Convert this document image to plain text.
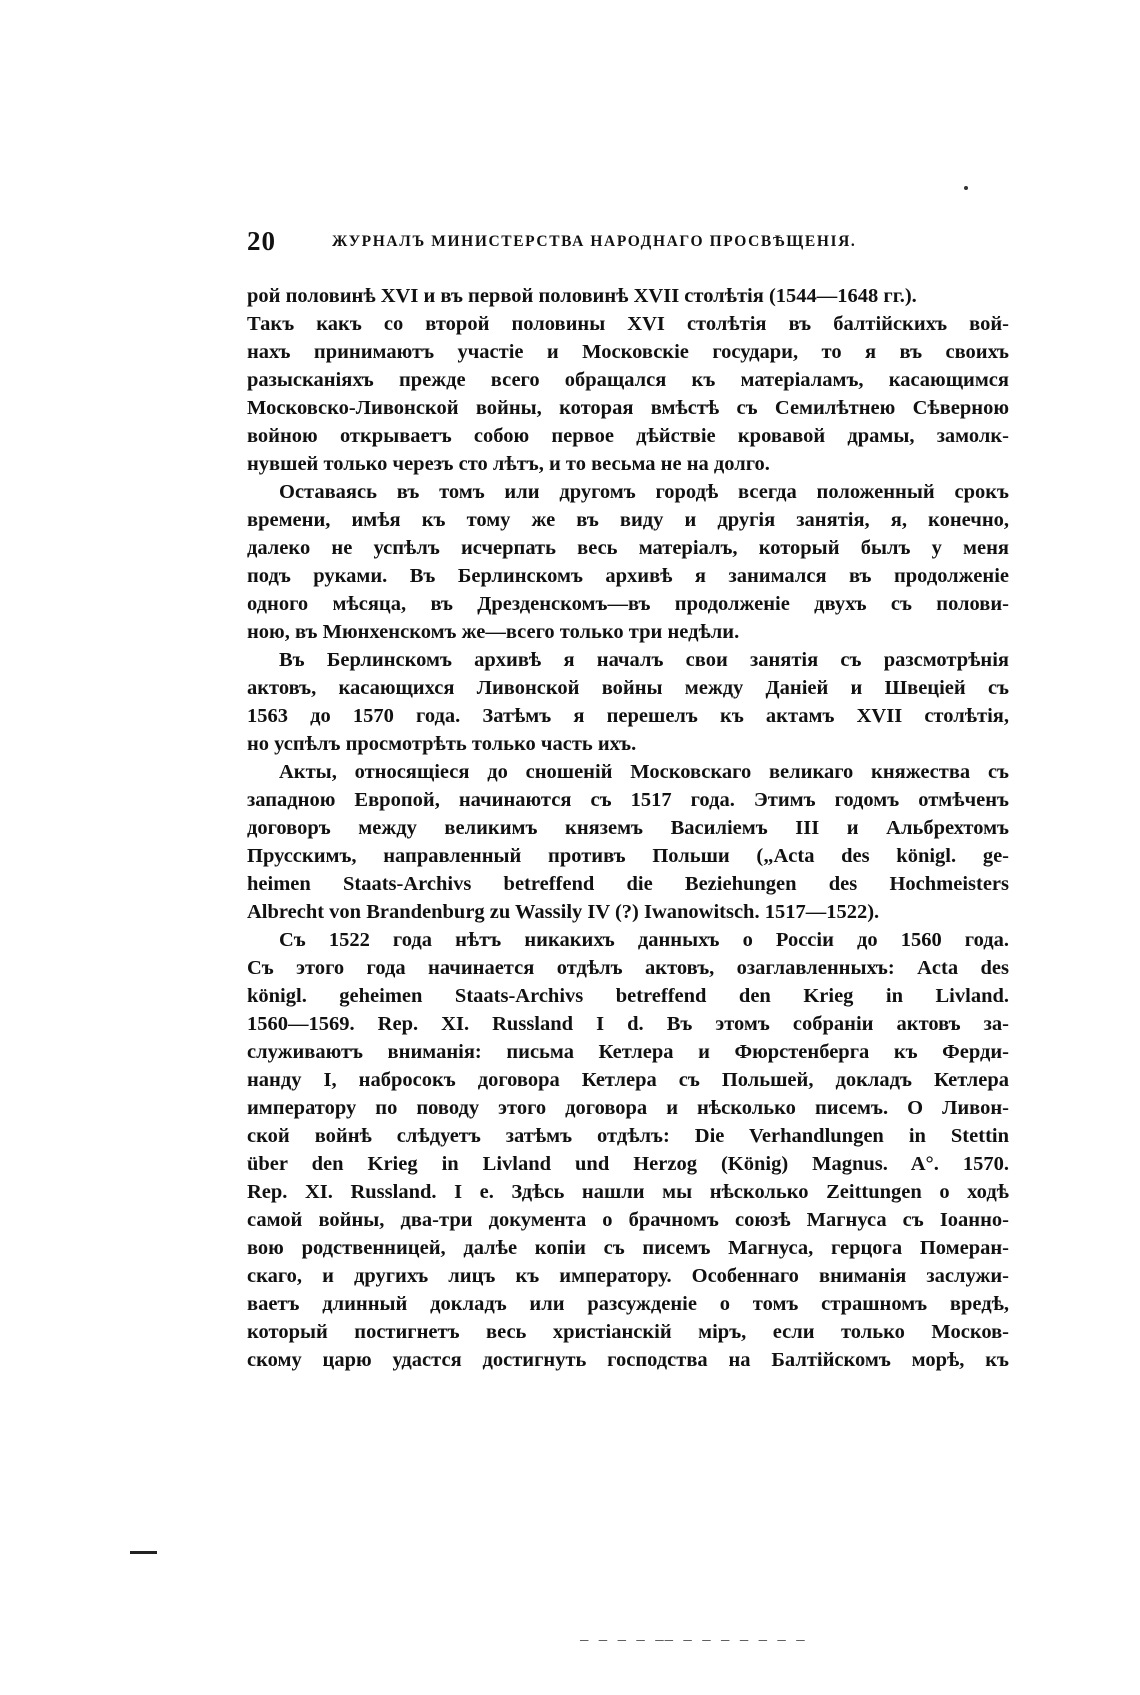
20	ЖУРНАЛЪ МИНИСТЕРСТВА НАРОДНАГО ПРОСВѢЩЕНІЯ.
рой половинѣ XVI и въ первой половинѣ XVII столѣтія (1544—1648 гг.).
Такъ какъ со второй половины XVI столѣтія въ балтійскихъ вой-
нахъ принимаютъ участіе и Московскіе государи, то я въ своихъ
разысканіяхъ прежде всего обращался къ матеріаламъ, касающимся
Московско-Ливонской войны, которая вмѣстѣ съ Семилѣтнею Сѣверною
войною открываетъ собою первое дѣйствіе кровавой драмы, замолк-
нувшей только черезъ сто лѣтъ, и то весьма не на долго.
Оставаясь въ томъ или другомъ городѣ всегда положенный срокъ
времени, имѣя къ тому же въ виду и другія занятія, я, конечно,
далеко не успѣлъ исчерпать весь матеріалъ, который былъ у меня
подъ руками. Въ Берлинскомъ архивѣ я занимался въ продолженіе
одного мѣсяца, въ Дрезденскомъ—въ продолженіе двухъ съ полови-
ною, въ Мюнхенскомъ же—всего только три недѣли.
Въ Берлинскомъ архивѣ я началъ свои занятія съ разсмотрѣнія
актовъ, касающихся Ливонской войны между Даніей и Швеціей съ
1563 до 1570 года. Затѣмъ я перешелъ къ актамъ XVII столѣтія,
но успѣлъ просмотрѣть только часть ихъ.
Акты, относящіеся до сношеній Московскаго великаго княжества съ
западною Европой, начинаются съ 1517 года. Этимъ годомъ отмѣченъ
договоръ между великимъ княземъ Василіемъ III и Альбрехтомъ
Прусскимъ, направленный противъ Польши („Acta des königl. ge-
heimen Staats-Archivs betreffend die Beziehungen des Hochmeisters
Albrecht von Brandenburg zu Wassily IV (?) Iwanowitsch. 1517—1522).
Съ 1522 года нѣтъ никакихъ данныхъ о Россіи до 1560 года.
Съ этого года начинается отдѣлъ актовъ, озаглавленныхъ: Acta des
königl. geheimen Staats-Archivs betreffend den Krieg in Livland.
1560—1569. Rep. XI. Russland I d. Въ этомъ собраніи актовъ за-
служиваютъ вниманія: письма Кетлера и Фюрстенберга къ Ферди-
нанду I, набросокъ договора Кетлера съ Польшей, докладъ Кетлера
императору по поводу этого договора и нѣсколько писемъ. О Ливон-
ской войнѣ слѣдуетъ затѣмъ отдѣлъ: Die Verhandlungen in Stettin
über den Krieg in Livland und Herzog (König) Magnus. A°. 1570.
Rep. XI. Russland. I e. Здѣсь нашли мы нѣсколько Zeittungen о ходѣ
самой войны, два-три документа о брачномъ союзѣ Магнуса съ Іоанно-
вою родственницей, далѣе копіи съ писемъ Магнуса, герцога Померан-
скаго, и другихъ лицъ къ императору. Особеннаго вниманія заслужи-
ваетъ длинный докладъ или разсужденіе о томъ страшномъ вредѣ,
который постигнетъ весь христіанскій міръ, если только Москов-
скому царю удастся достигнуть господства на Балтійскомъ морѣ, къ
— — — — —— — — — — — — —
